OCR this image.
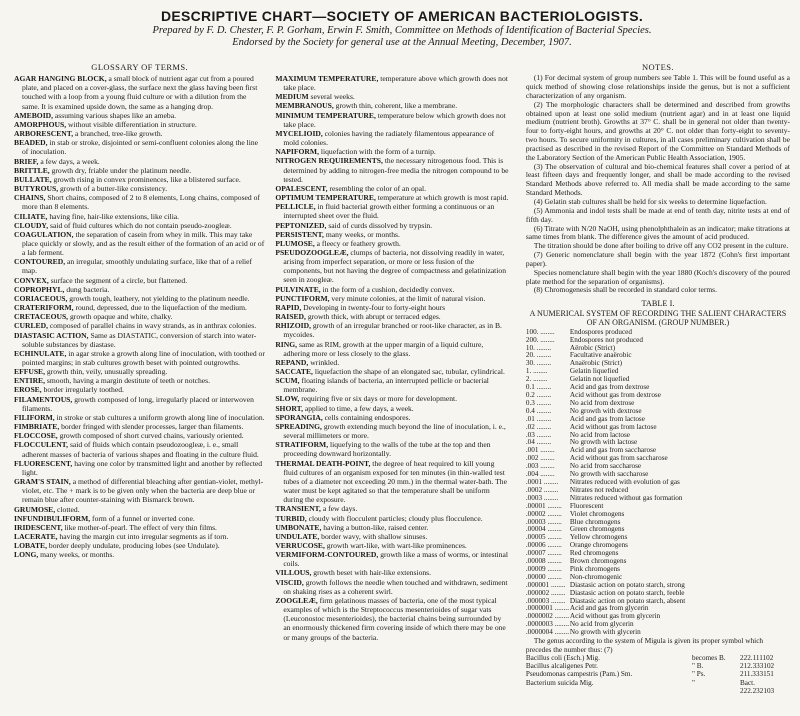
DESCRIPTIVE CHART—SOCIETY OF AMERICAN BACTERIOLOGISTS.
Prepared by F. D. Chester, F. P. Gorham, Erwin F. Smith, Committee on Methods of Identification of Bacterial Species.
Endorsed by the Society for general use at the Annual Meeting, December, 1907.
GLOSSARY OF TERMS.

AGAR HANGING BLOCK, a small block of nutrient agar cut from a poured plate, and placed on a cover-glass, the surface next the glass having been first touched with a loop from a young fluid culture or with a dilution from the same. It is examined upside down, the same as a hanging drop.

AMEBOID, assuming various shapes like an ameba.

AMORPHOUS, without visible differentiation in structure.

ARBORESCENT, a branched, tree-like growth.

BEADED, in stab or stroke, disjointed or semi-confluent colonies along the line of inoculation.

BRIEF, a few days, a week.

BRITTLE, growth dry, friable under the platinum needle.

BULLATE, growth rising in convex prominences, like a blistered surface.

BUTYROUS, growth of a butter-like consistency.

CHAINS, Short chains, composed of 2 to 8 elements, Long chains, composed of more than 8 elements.

CILIATE, having fine, hair-like extensions, like cilia.

CLOUDY, said of fluid cultures which do not contain pseudo-zoogleæ.

COAGULATION, the separation of casein from whey in milk. This may take place quickly or slowly, and as the result either of the formation of an acid or of a lab ferment.

CONTOURED, an irregular, smoothly undulating surface, like that of a relief map.

CONVEX, surface the segment of a circle, but flattened.

COPROPHYL, dung bacteria.

CORIACEOUS, growth tough, leathery, not yielding to the platinum needle.

CRATERIFORM, round, depressed, due to the liquefaction of the medium.

CRETACEOUS, growth opaque and white, chalky.

CURLED, composed of parallel chains in wavy strands, as in anthrax colonies.

DIASTASIC ACTION, Same as DIASTATIC, conversion of starch into water-soluble substances by diastase.

ECHINULATE, in agar stroke a growth along line of inoculation, with toothed or pointed margins; in stab cultures growth beset with pointed outgrowths.

EFFUSE, growth thin, veily, unusually spreading.

ENTIRE, smooth, having a margin destitute of teeth or notches.

EROSE, border irregularly toothed.

FILAMENTOUS, growth composed of long, irregularly placed or interwoven filaments.

FILIFORM, in stroke or stab cultures a uniform growth along line of inoculation.

FIMBRIATE, border fringed with slender processes, larger than filaments.

FLOCCOSE, growth composed of short curved chains, variously oriented.

FLOCCULENT, said of fluids which contain pseudozoogleæ, i. e., small adherent masses of bacteria of various shapes and floating in the culture fluid.

FLUORESCENT, having one color by transmitted light and another by reflected light.

GRAM'S STAIN, a method of differential bleaching after gentian-violet, methyl-violet, etc. The + mark is to be given only when the bacteria are deep blue or remain blue after counter-staining with Bismarck brown.

GRUMOSE, clotted.

INFUNDIBULIFORM, form of a funnel or inverted cone.

IRIDESCENT, like mother-of-pearl. The effect of very thin films.

LACERATE, having the margin cut into irregular segments as if torn.

LOBATE, border deeply undulate, producing lobes (see Undulate).

LONG, many weeks, or months.

MAXIMUM TEMPERATURE, temperature above which growth does not take place.

MEDIUM several weeks.

MEMBRANOUS, growth thin, coherent, like a membrane.

MINIMUM TEMPERATURE, temperature below which growth does not take place.

MYCELIOID, colonies having the radiately filamentous appearance of mold colonies.

NAPIFORM, liquefaction with the form of a turnip.

NITROGEN REQUIREMENTS, the necessary nitrogenous food. This is determined by adding to nitrogen-free media the nitrogen compound to be tested.

OPALESCENT, resembling the color of an opal.

OPTIMUM TEMPERATURE, temperature at which growth is most rapid.

PELLICLE, in fluid bacterial growth either forming a continuous or an interrupted sheet over the fluid.

PEPTONIZED, said of curds dissolved by trypsin.

PERSISTENT, many weeks, or months.

PLUMOSE, a fleecy or feathery growth.

PSEUDOZOOGLEÆ, clumps of bacteria, not dissolving readily in water, arising from imperfect separation, or more or less fusion of the components, but not having the degree of compactness and gelatinization seen in zoogleæ.

PULVINATE, in the form of a cushion, decidedly convex.

PUNCTIFORM, very minute colonies, at the limit of natural vision.

RAPID, Developing in twenty-four to forty-eight hours

RAISED, growth thick, with abrupt or terraced edges.

RHIZOID, growth of an irregular branched or root-like character, as in B. mycoides.

RING, same as RIM, growth at the upper margin of a liquid culture, adhering more or less closely to the glass.

REPAND, wrinkled.

SACCATE, liquefaction the shape of an elongated sac, tubular, cylindrical.

SCUM, floating islands of bacteria, an interrupted pellicle or bacterial membrane.

SLOW, requiring five or six days or more for development.

SHORT, applied to time, a few days, a week.

SPORANGIA, cells containing endospores.

SPREADING, growth extending much beyond the line of inoculation, i. e., several millimeters or more.

STRATIFORM, liquefying to the walls of the tube at the top and then proceeding downward horizontally.

THERMAL DEATH-POINT, the degree of heat required to kill young fluid cultures of an organism exposed for ten minutes (in thin-walled test tubes of a diameter not exceeding 20 mm.) in the thermal water-bath. The water must be kept agitated so that the temperature shall be uniform during the exposure.

TRANSIENT, a few days.

TURBID, cloudy with flocculent particles; cloudy plus flocculence.

UMBONATE, having a button-like, raised center.

UNDULATE, border wavy, with shallow sinuses.

VERRUCOSE, growth wart-like, with wart-like prominences.

VERMIFORM-CONTOURED, growth like a mass of worms, or intestinal coils.

VILLOUS, growth beset with hair-like extensions.

VISCID, growth follows the needle when touched and withdrawn, sediment on shaking rises as a coherent swirl.

ZOOGLEÆ, firm gelatinous masses of bacteria, one of the most typical examples of which is the Streptococcus mesenterioides of sugar vats (Leuconostoc mesenterioides), the bacterial chains being surrounded by an enormously thickened firm covering inside of which there may be one or many groups of the bacteria.

NOTES.

(1) For decimal system of group numbers see Table 1. This will be found useful as a quick method of showing close relationships inside the genus, but is not a sufficient characterization of any organism.

(2) The morphologic characters shall be determined and described from growths obtained upon at least one solid medium (nutrient agar) and in at least one liquid medium (nutrient broth). Growths at 37° C. shall be in general not older than twenty-four to forty-eight hours, and growths at 20° C. not older than forty-eight to seventy-two hours. To secure uniformity in cultures, in all cases preliminary cultivation shall be practised as described in the revised Report of the Committee on Standard Methods of the Laboratory Section of the American Public Health Association, 1905.

(3) The observation of cultural and bio-chemical features shall cover a period of at least fifteen days and frequently longer, and shall be made according to the revised Standard Methods above referred to. All media shall be made according to the same Standard Methods.

(4) Gelatin stab cultures shall be held for six weeks to determine liquefaction.

(5) Ammonia and indol tests shall be made at end of tenth day, nitrite tests at end of fifth day.

(6) Titrate with N/20 NaOH, using phenolphthalein as an indicator; make titrations at same times from blank. The difference gives the amount of acid produced.

The titration should be done after boiling to drive off any CO2 present in the culture.

(7) Generic nomenclature shall begin with the year 1872 (Cohn's first important paper).

Species nomenclature shall begin with the year 1880 (Koch's discovery of the poured plate method for the separation of organisms).

(8) Chromogenesis shall be recorded in standard color terms.

TABLE I.
A NUMERICAL SYSTEM OF RECORDING THE SALIENT CHARACTERS OF AN ORGANISM. (GROUP NUMBER.)
100. .....	Endospores produced
200. .....	Endospores not produced
10. .....	Aërobic (Strict)
20. .....	Facultative anaërobic
30. .....	Anaërobic (Strict)
1. .....	Gelatin liquefied
2. .....	Gelatin not liquefied
0.1 .....	Acid and gas from dextrose
0.2 .....	Acid without gas from dextrose
0.3 .....	No acid from dextrose
0.4 .....	No growth with dextrose
.01 .....	Acid and gas from lactose
.02 .....	Acid without gas from lactose
.03 .....	No acid from lactose
.04 .....	No growth with lactose
.001 .....	Acid and gas from saccharose
.002 .....	Acid without gas from saccharose
.003 .....	No acid from saccharose
.004 .....	No growth with saccharose
.0001 .....	Nitrates reduced with evolution of gas
.0002 .....	Nitrates not reduced
.0003 .....	Nitrates reduced without gas formation
.00001 .....	Fluorescent
.00002 .....	Violet chromogens
.00003 .....	Blue chromogens
.00004 .....	Green chromogens
.00005 .....	Yellow chromogens
.00006 .....	Orange chromogens
.00007 .....	Red chromogens
.00008 .....	Brown chromogens
.00009 .....	Pink chromogens
.00000 .....	Non-chromogenic
.000001 .....	Diastasic action on potato starch, strong
.000002 .....	Diastasic action on potato starch, feeble
.000003 .....	Diastasic action on potato starch, absent
.0000001 .....	Acid and gas from glycerin
.0000002 .....	Acid without gas from glycerin
.0000003 .....	No acid from glycerin
.0000004 .....	No growth with glycerin
The genus according to the system of Migula is given its proper symbol which precedes the number thus: (7)
Bacillus coli (Esch.) Mig.	becomes B.	222.111102
Bacillus alcaligenes Petr.	" B.	212.333102
Pseudomonas campestris (Pam.) Sm.	" Ps.	211.333151
Bacterium suicida Mig.	"	Bact. 222.232103
